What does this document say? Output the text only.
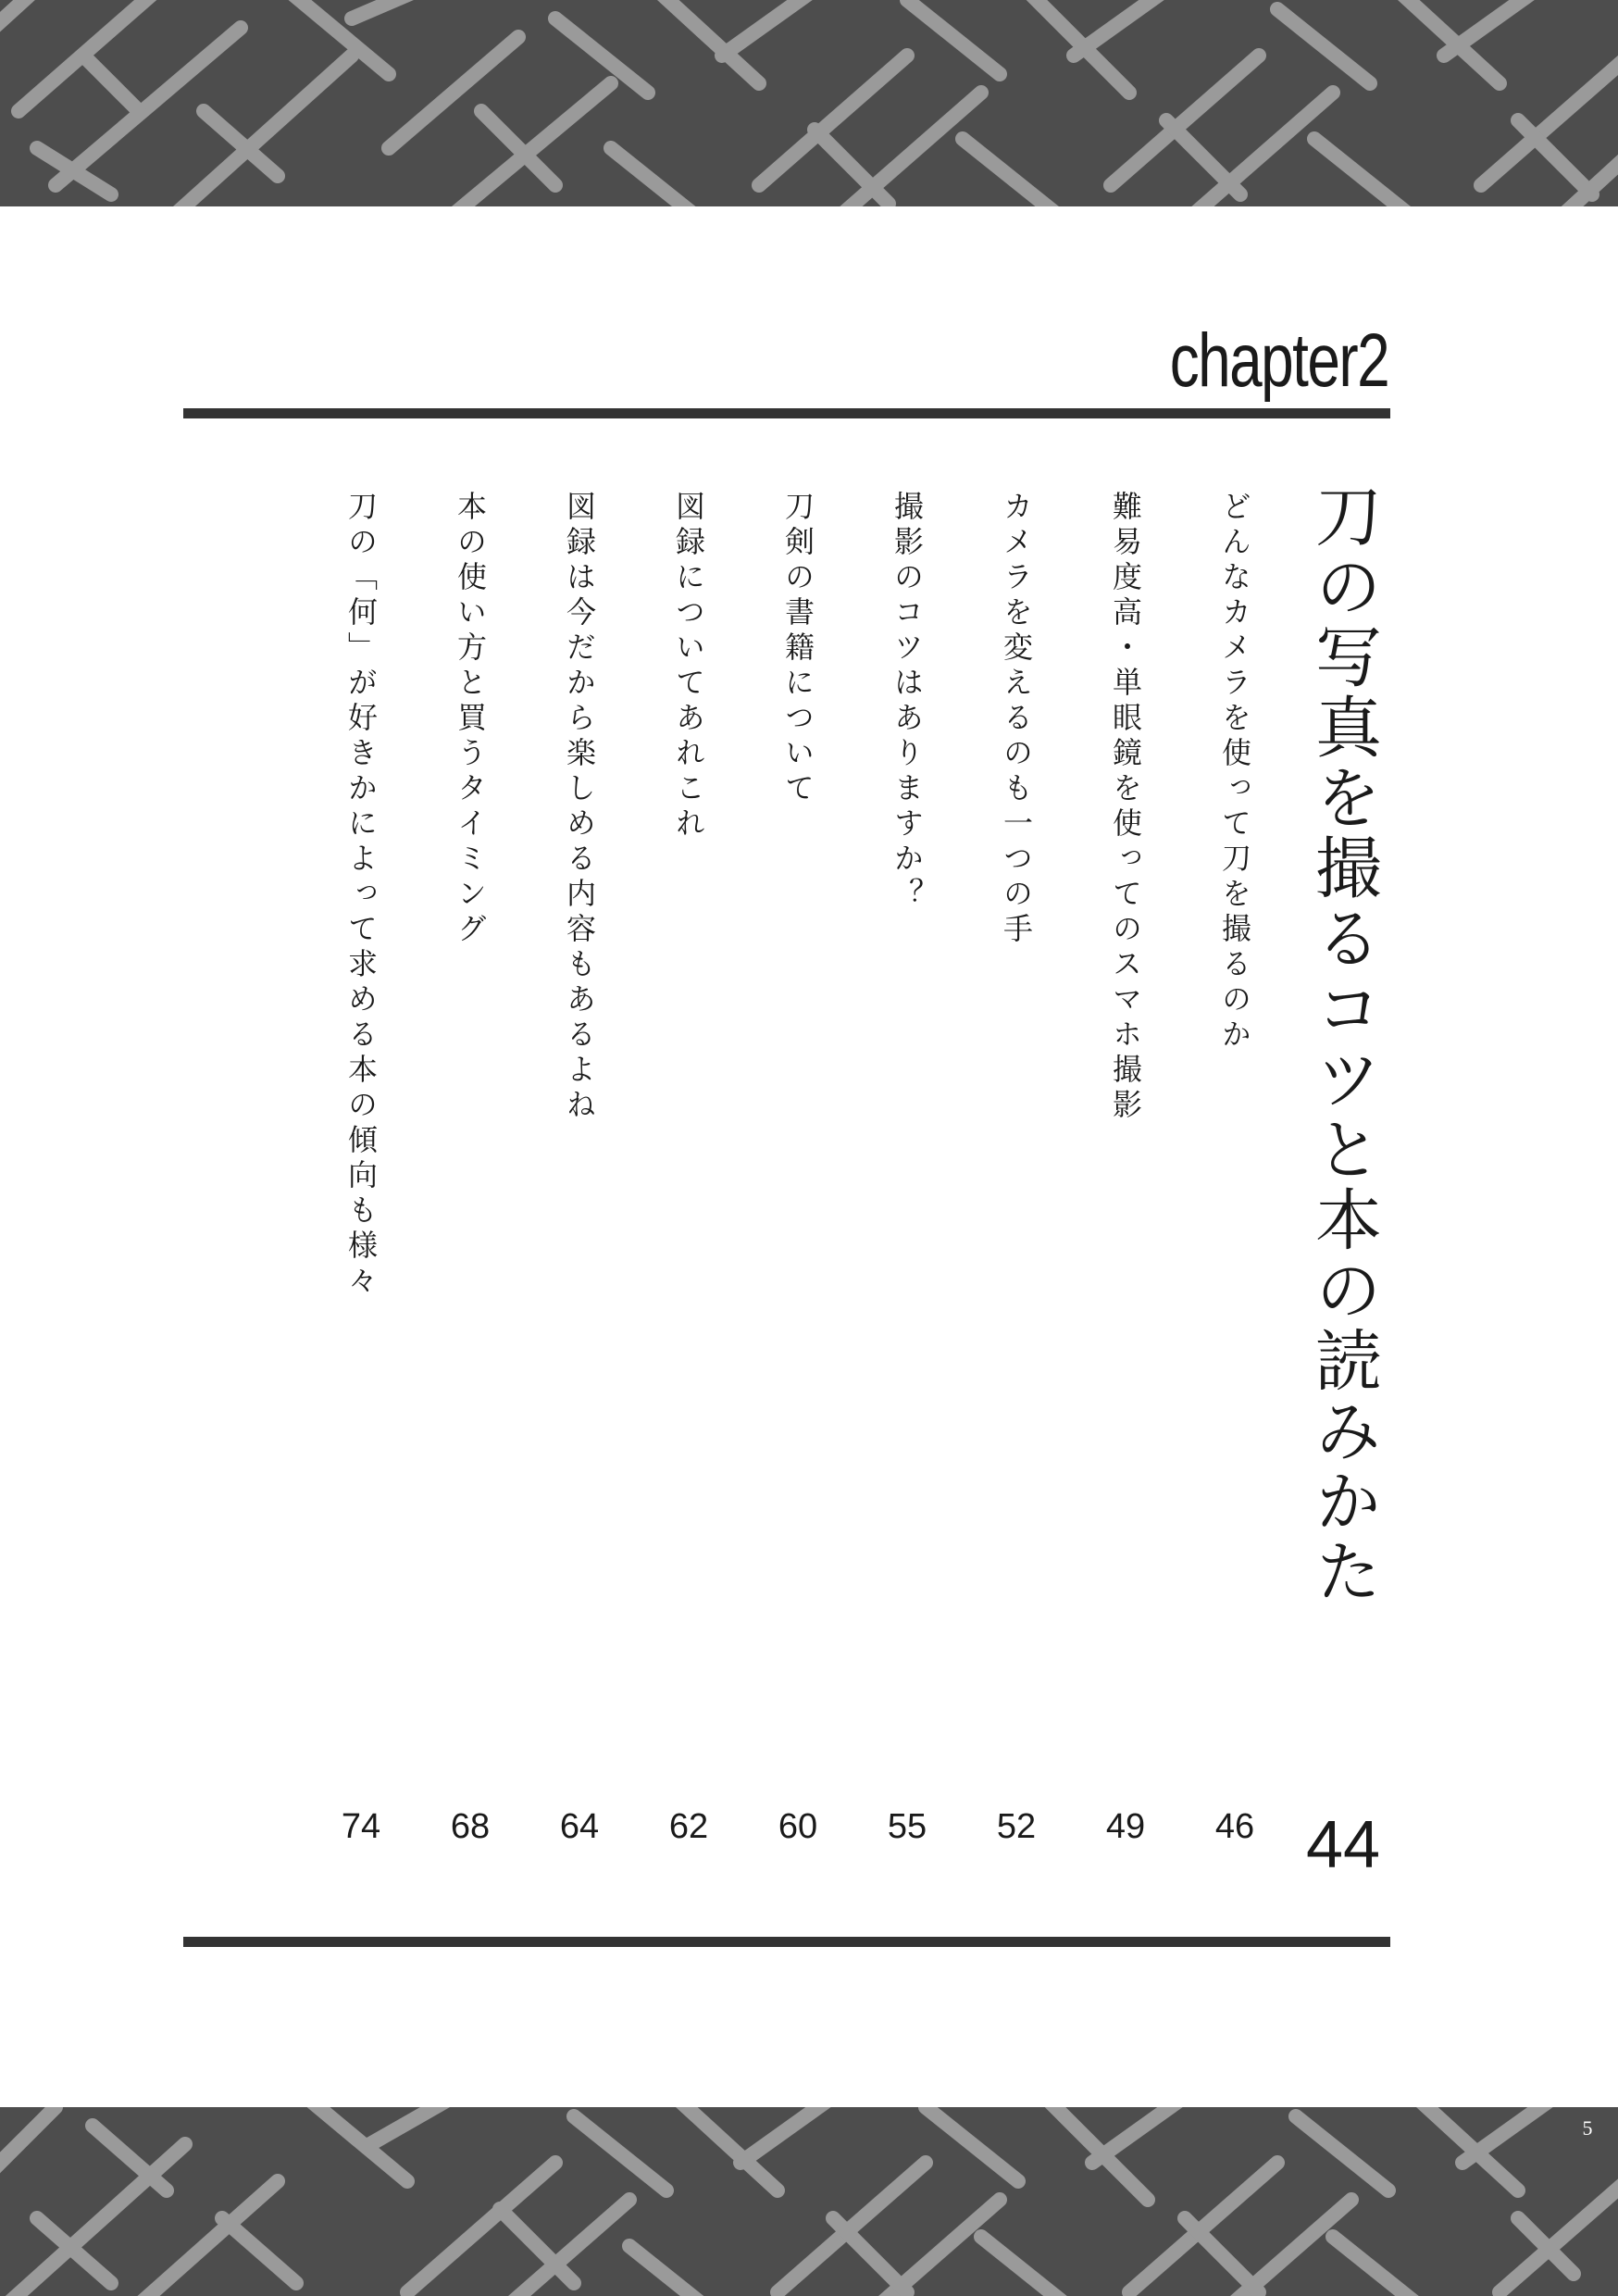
chapter2
刀の写真を撮るコツと本の読みかた
44
どんなカメラを使って刀を撮るのか
46
難易度高・単眼鏡を使ってのスマホ撮影
49
カメラを変えるのも一つの手
52
撮影のコツはありますか？
55
刀剣の書籍について
60
図録についてあれこれ
62
図録は今だから楽しめる内容もあるよね
64
本の使い方と買うタイミング
68
刀の「何」が好きかによって求める本の傾向も様々
74
5
